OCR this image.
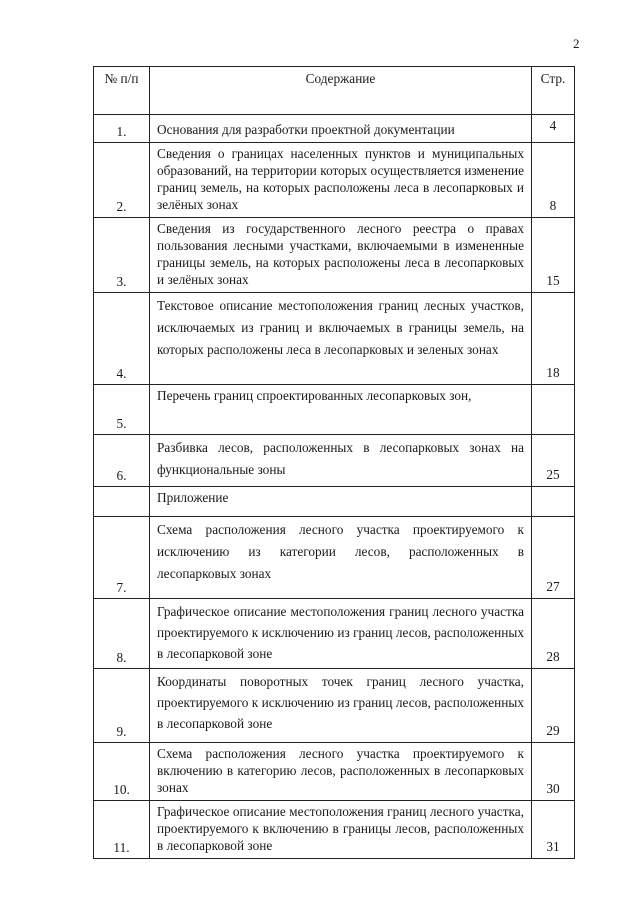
2
№ п/п	Содержание	Стр.
1.	Основания для разработки проектной документации	4
2.	Сведения о границах населенных пунктов и муниципальных образований, на территории которых осуществляется изменение границ земель, на которых расположены леса в лесопарковых и зелёных зонах	8
3.	Сведения из государственного лесного реестра о правах пользования лесными участками, включаемыми в измененные границы земель, на которых расположены леса в лесопарковых и зелёных зонах	15
4.	Текстовое описание местоположения границ лесных участков, исключаемых из границ и включаемых в границы земель, на которых расположены леса в лесопарковых и зеленых зонах	18
5.	Перечень границ спроектированных лесопарковых зон,	

6.	Разбивка лесов, расположенных в лесопарковых зонах на функциональные зоны	25
	Приложение	
7.	Схема расположения лесного участка проектируемого к исключению из категории лесов, расположенных в лесопарковых зонах	27
8.	Графическое описание местоположения границ лесного участка проектируемого к исключению из границ лесов, расположенных в лесопарковой зоне	28
9.	Координаты поворотных точек границ лесного участка, проектируемого к исключению из границ лесов, расположенных в лесопарковой зоне	29
10.	Схема расположения лесного участка проектируемого к включению в категорию лесов, расположенных в лесопарковых зонах	30
11.	Графическое описание местоположения границ лесного участка, проектируемого к включению в границы лесов, расположенных в лесопарковой зоне	31
